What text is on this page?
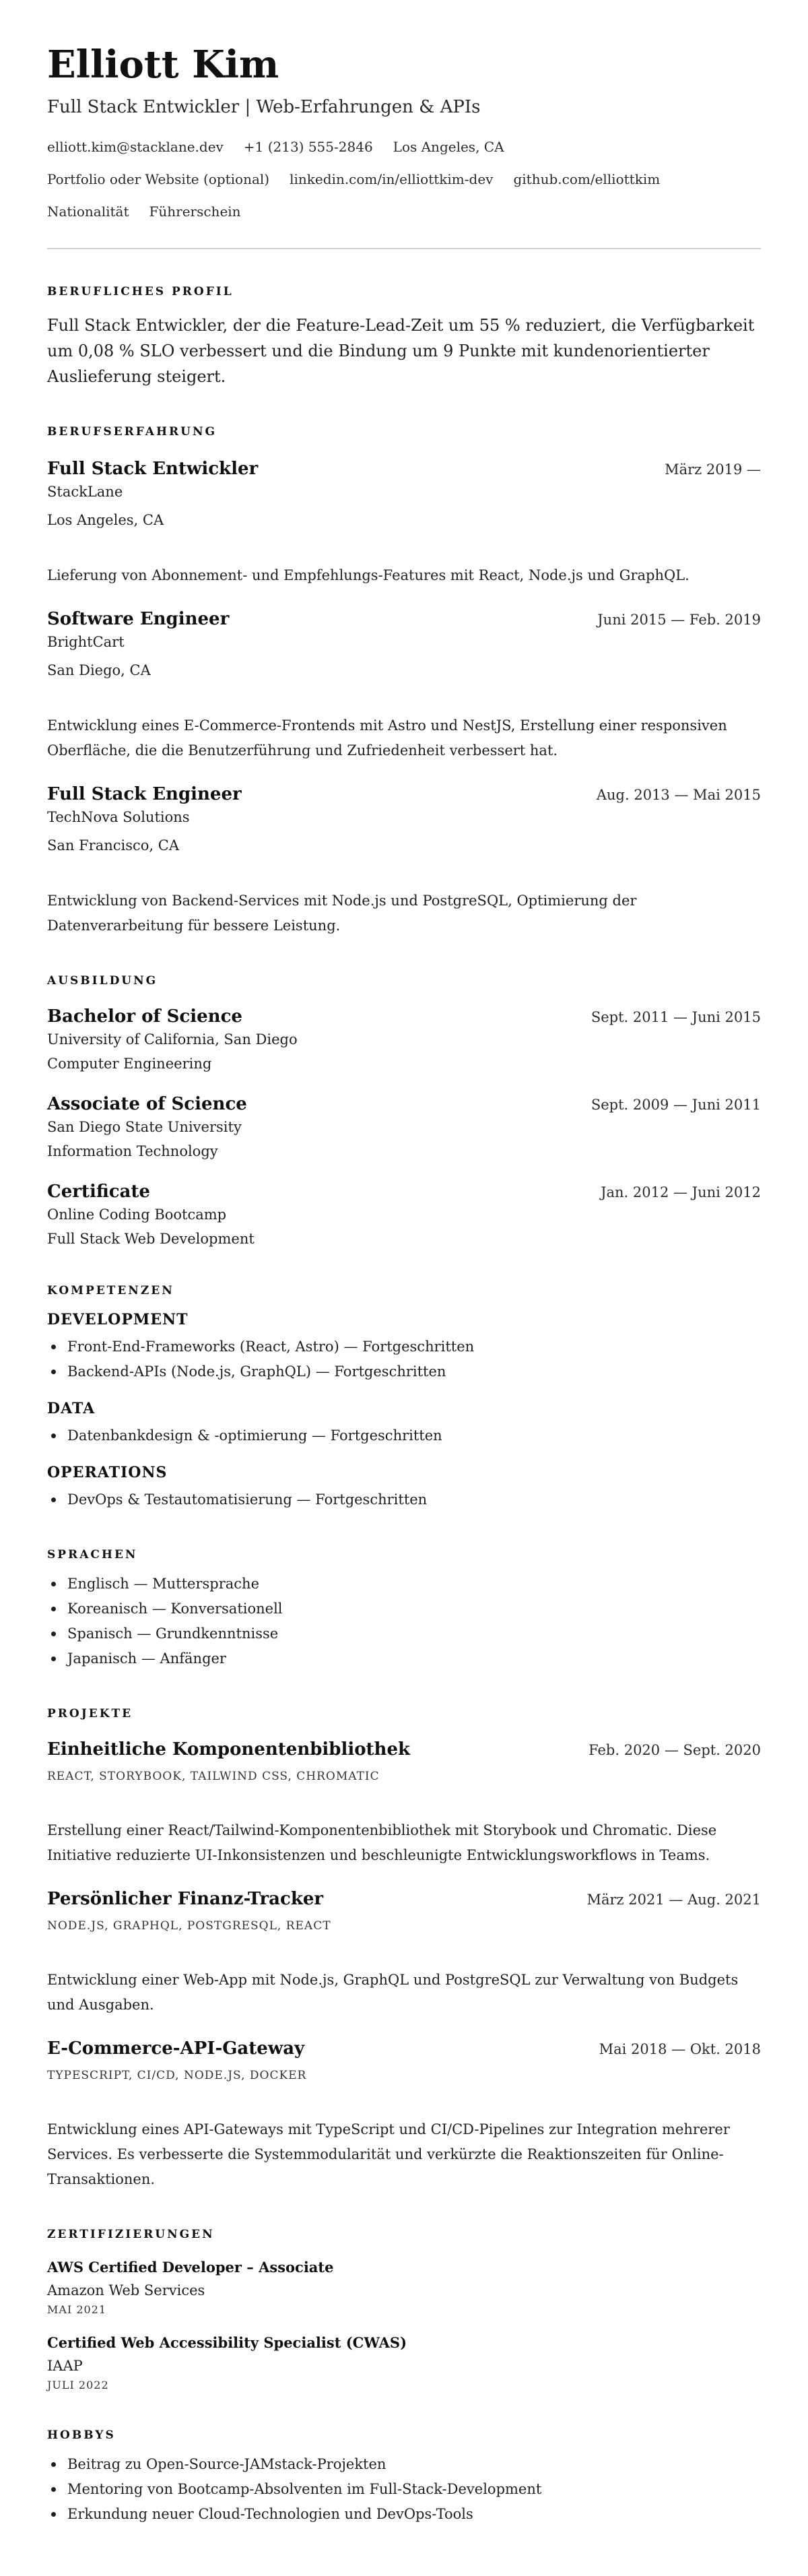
Elliott Kim
Full Stack Entwickler | Web-Erfahrungen & APIs
elliott.kim@stacklane.dev +1 (213) 555-2846 Los Angeles, CA
Portfolio oder Website (optional) linkedin.com/in/elliottkim-dev github.com/elliottkim
Nationalität Führerschein
BERUFLICHES PROFIL
Full Stack Entwickler, der die Feature-Lead-Zeit um 55 % reduziert, die Verfügbarkeit um 0,08 % SLO verbessert und die Bindung um 9 Punkte mit kundenorientierter Auslieferung steigert.
BERUFSERFAHRUNG
Full Stack Entwickler	März 2019 —
StackLane
Los Angeles, CA
Lieferung von Abonnement- und Empfehlungs-Features mit React, Node.js und GraphQL.
Software Engineer	Juni 2015 — Feb. 2019
BrightCart
San Diego, CA
Entwicklung eines E-Commerce-Frontends mit Astro und NestJS, Erstellung einer responsiven Oberfläche, die die Benutzerführung und Zufriedenheit verbessert hat.
Full Stack Engineer	Aug. 2013 — Mai 2015
TechNova Solutions
San Francisco, CA
Entwicklung von Backend-Services mit Node.js und PostgreSQL, Optimierung der Datenverarbeitung für bessere Leistung.
AUSBILDUNG
Bachelor of Science	Sept. 2011 — Juni 2015
University of California, San Diego
Computer Engineering
Associate of Science	Sept. 2009 — Juni 2011
San Diego State University
Information Technology
Certificate	Jan. 2012 — Juni 2012
Online Coding Bootcamp
Full Stack Web Development
KOMPETENZEN
DEVELOPMENT
Front-End-Frameworks (React, Astro) — Fortgeschritten
Backend-APIs (Node.js, GraphQL) — Fortgeschritten
DATA
Datenbankdesign & -optimierung — Fortgeschritten
OPERATIONS
DevOps & Testautomatisierung — Fortgeschritten
SPRACHEN
Englisch — Muttersprache
Koreanisch — Konversationell
Spanisch — Grundkenntnisse
Japanisch — Anfänger
PROJEKTE
Einheitliche Komponentenbibliothek	Feb. 2020 — Sept. 2020
REACT, STORYBOOK, TAILWIND CSS, CHROMATIC
Erstellung einer React/Tailwind-Komponentenbibliothek mit Storybook und Chromatic. Diese Initiative reduzierte UI-Inkonsistenzen und beschleunigte Entwicklungsworkflows in Teams.
Persönlicher Finanz-Tracker	März 2021 — Aug. 2021
NODE.JS, GRAPHQL, POSTGRESQL, REACT
Entwicklung einer Web-App mit Node.js, GraphQL und PostgreSQL zur Verwaltung von Budgets und Ausgaben.
E-Commerce-API-Gateway	Mai 2018 — Okt. 2018
TYPESCRIPT, CI/CD, NODE.JS, DOCKER
Entwicklung eines API-Gateways mit TypeScript und CI/CD-Pipelines zur Integration mehrerer Services. Es verbesserte die Systemmodularität und verkürzte die Reaktionszeiten für Online-Transaktionen.
ZERTIFIZIERUNGEN
AWS Certified Developer – Associate
Amazon Web Services
MAI 2021
Certified Web Accessibility Specialist (CWAS)
IAAP
JULI 2022
HOBBYS
Beitrag zu Open-Source-JAMstack-Projekten
Mentoring von Bootcamp-Absolventen im Full-Stack-Development
Erkundung neuer Cloud-Technologien und DevOps-Tools
